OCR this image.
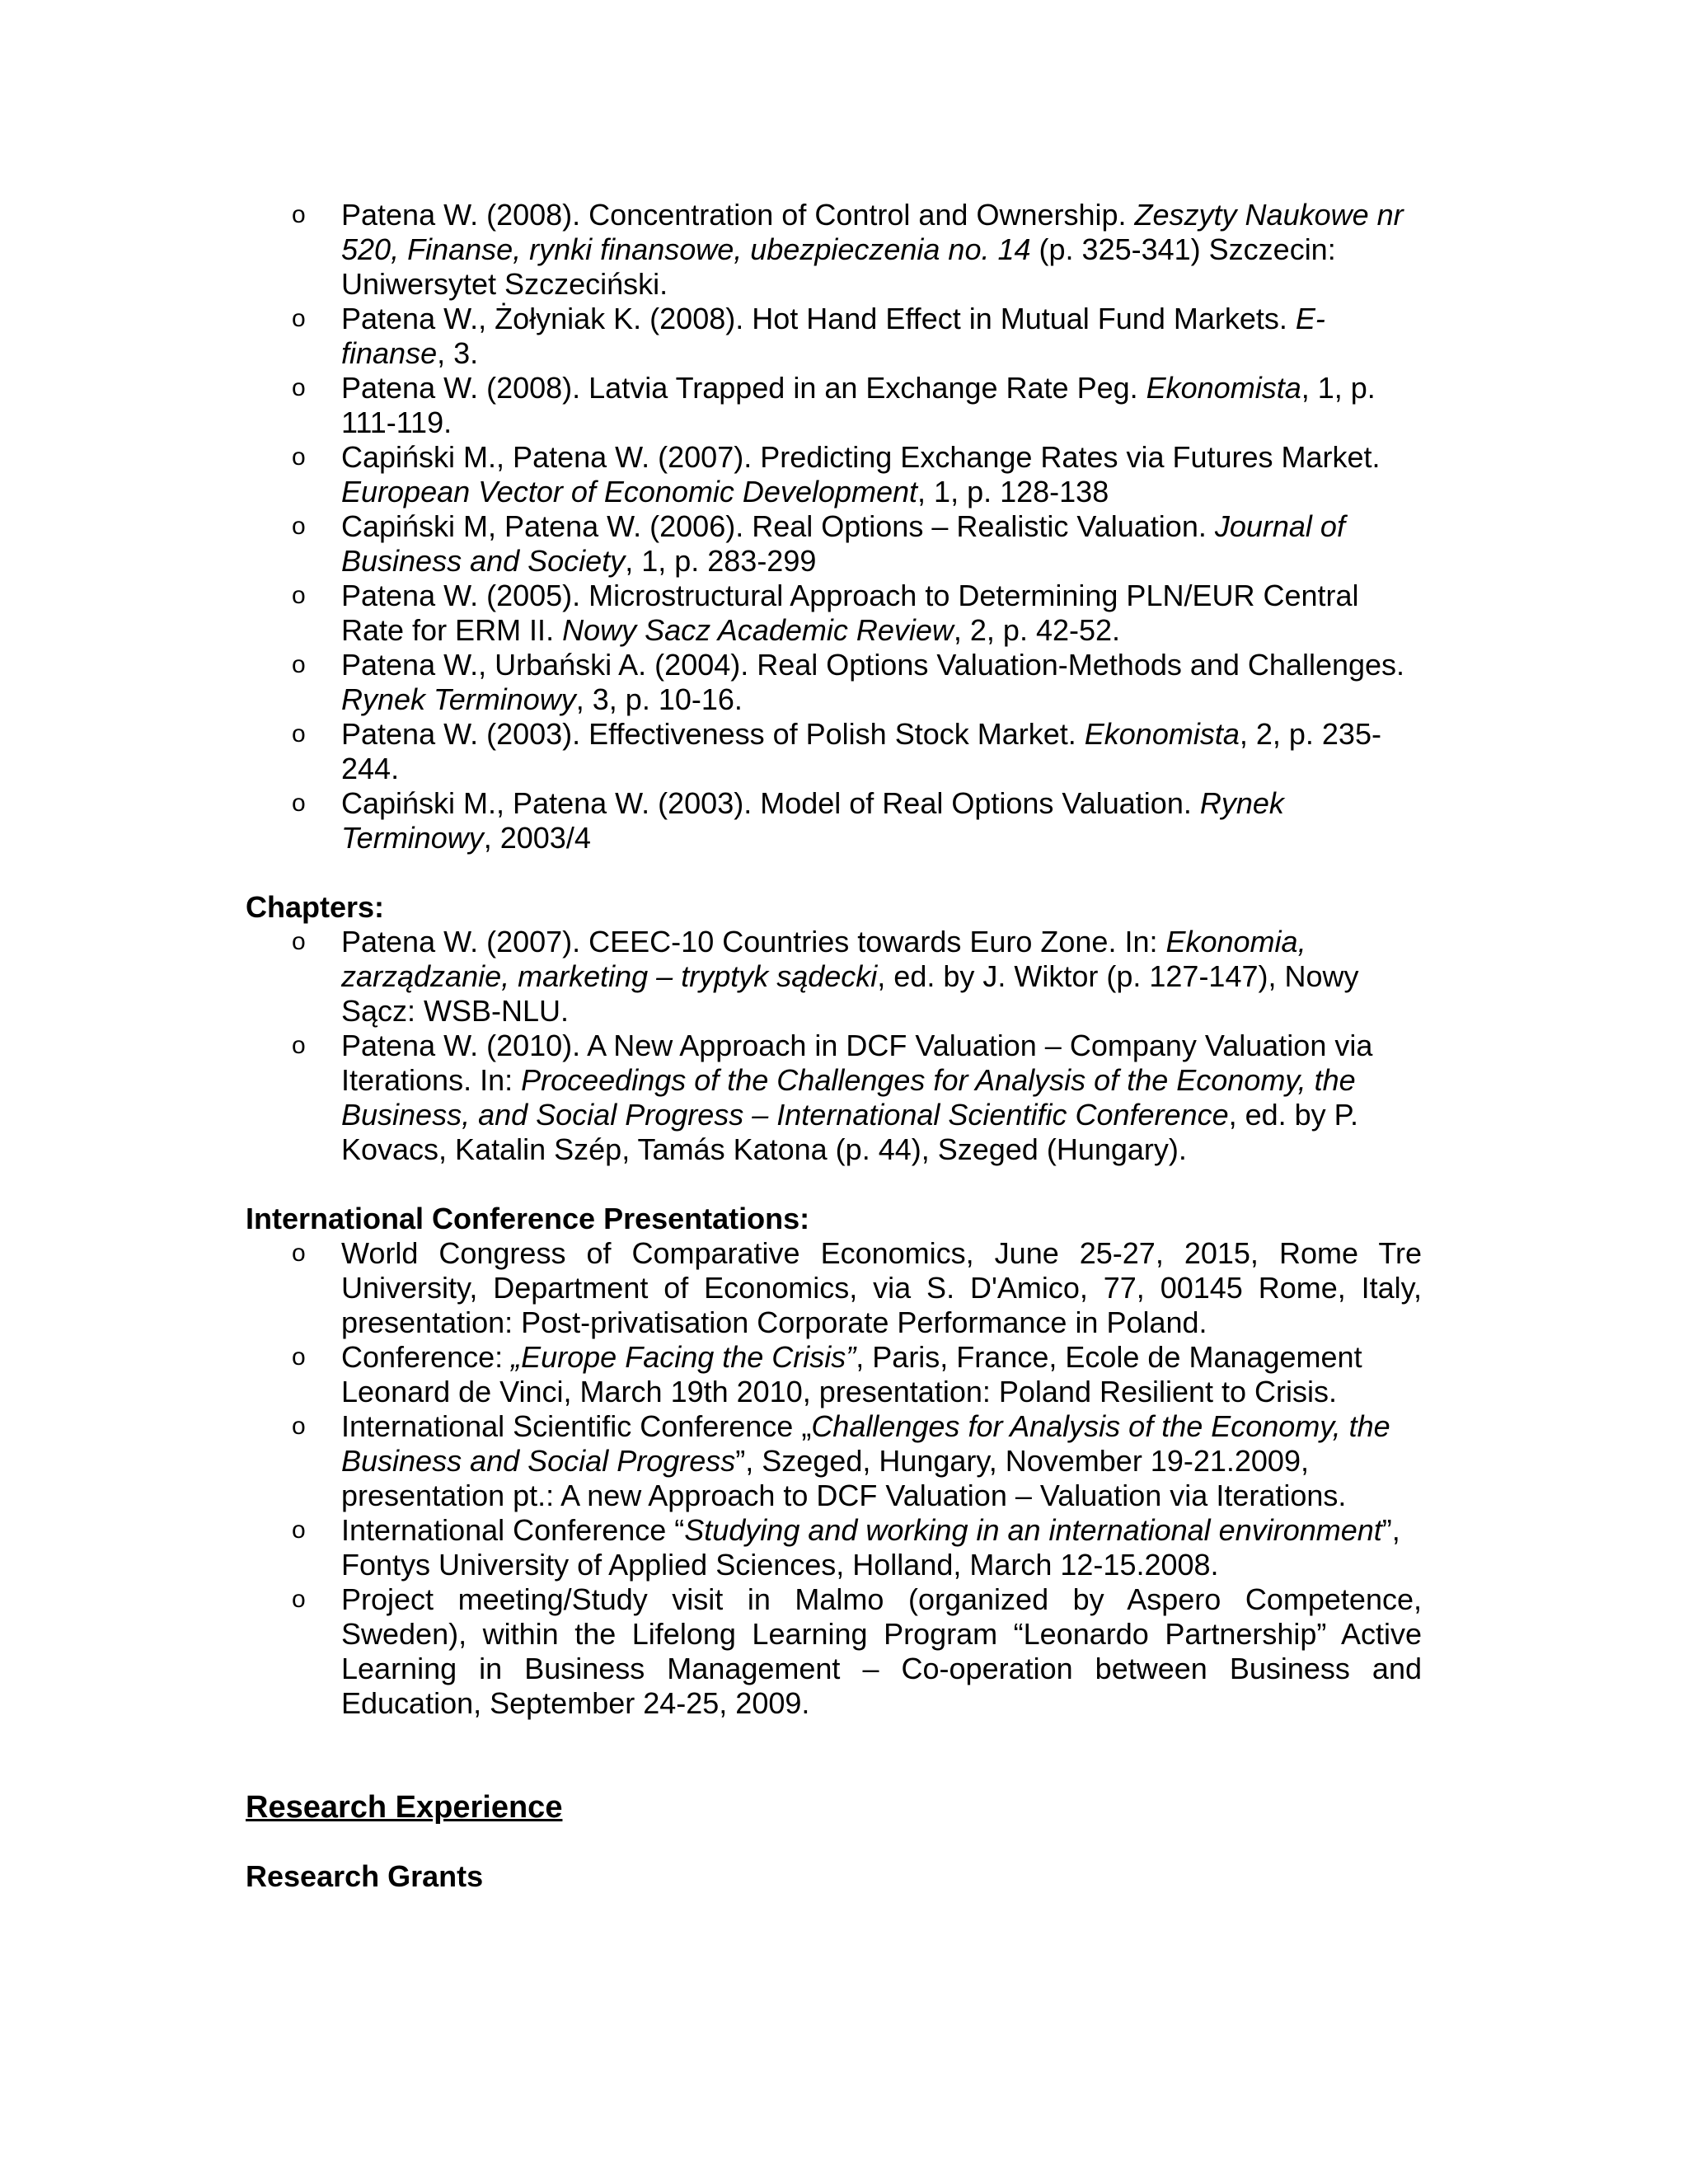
o Patena W. (2008). Concentration of Control and Ownership. Zeszyty Naukowe nr 520, Finanse, rynki finansowe, ubezpieczenia no. 14 (p. 325-341) Szczecin: Uniwersytet Szczeciński.
o Patena W., Żołyniak K. (2008). Hot Hand Effect in Mutual Fund Markets. E-finanse, 3.
o Patena W. (2008). Latvia Trapped in an Exchange Rate Peg. Ekonomista, 1, p. 111-119.
o Capiński M., Patena W. (2007). Predicting Exchange Rates via Futures Market. European Vector of Economic Development, 1, p. 128-138
o Capiński M, Patena W. (2006). Real Options – Realistic Valuation. Journal of Business and Society, 1, p. 283-299
o Patena W. (2005). Microstructural Approach to Determining PLN/EUR Central Rate for ERM II. Nowy Sacz Academic Review, 2, p. 42-52.
o Patena W., Urbański A. (2004). Real Options Valuation-Methods and Challenges. Rynek Terminowy, 3, p. 10-16.
o Patena W. (2003). Effectiveness of Polish Stock Market. Ekonomista, 2, p. 235-244.
o Capiński M., Patena W. (2003). Model of Real Options Valuation. Rynek Terminowy, 2003/4

Chapters:

o Patena W. (2007). CEEC-10 Countries towards Euro Zone. In: Ekonomia, zarządzanie, marketing – tryptyk sądecki, ed. by J. Wiktor (p. 127-147), Nowy Sącz: WSB-NLU.
o Patena W. (2010). A New Approach in DCF Valuation – Company Valuation via Iterations. In: Proceedings of the Challenges for Analysis of the Economy, the Business, and Social Progress – International Scientific Conference, ed. by P. Kovacs, Katalin Szép, Tamás Katona (p. 44), Szeged (Hungary).

International Conference Presentations:

o World Congress of Comparative Economics, June 25-27, 2015, Rome Tre University, Department of Economics, via S. D'Amico, 77, 00145 Rome, Italy, presentation: Post-privatisation Corporate Performance in Poland.
o Conference: „Europe Facing the Crisis”, Paris, France, Ecole de Management Leonard de Vinci, March 19th 2010, presentation: Poland Resilient to Crisis.
o International Scientific Conference „Challenges for Analysis of the Economy, the Business and Social Progress”, Szeged, Hungary, November 19-21.2009, presentation pt.: A new Approach to DCF Valuation – Valuation via Iterations.
o International Conference “Studying and working in an international environment”, Fontys University of Applied Sciences, Holland, March 12-15.2008.
o Project meeting/Study visit in Malmo (organized by Aspero Competence, Sweden), within the Lifelong Learning Program “Leonardo Partnership” Active Learning in Business Management – Co-operation between Business and Education, September 24-25, 2009.

Research Experience

Research Grants
